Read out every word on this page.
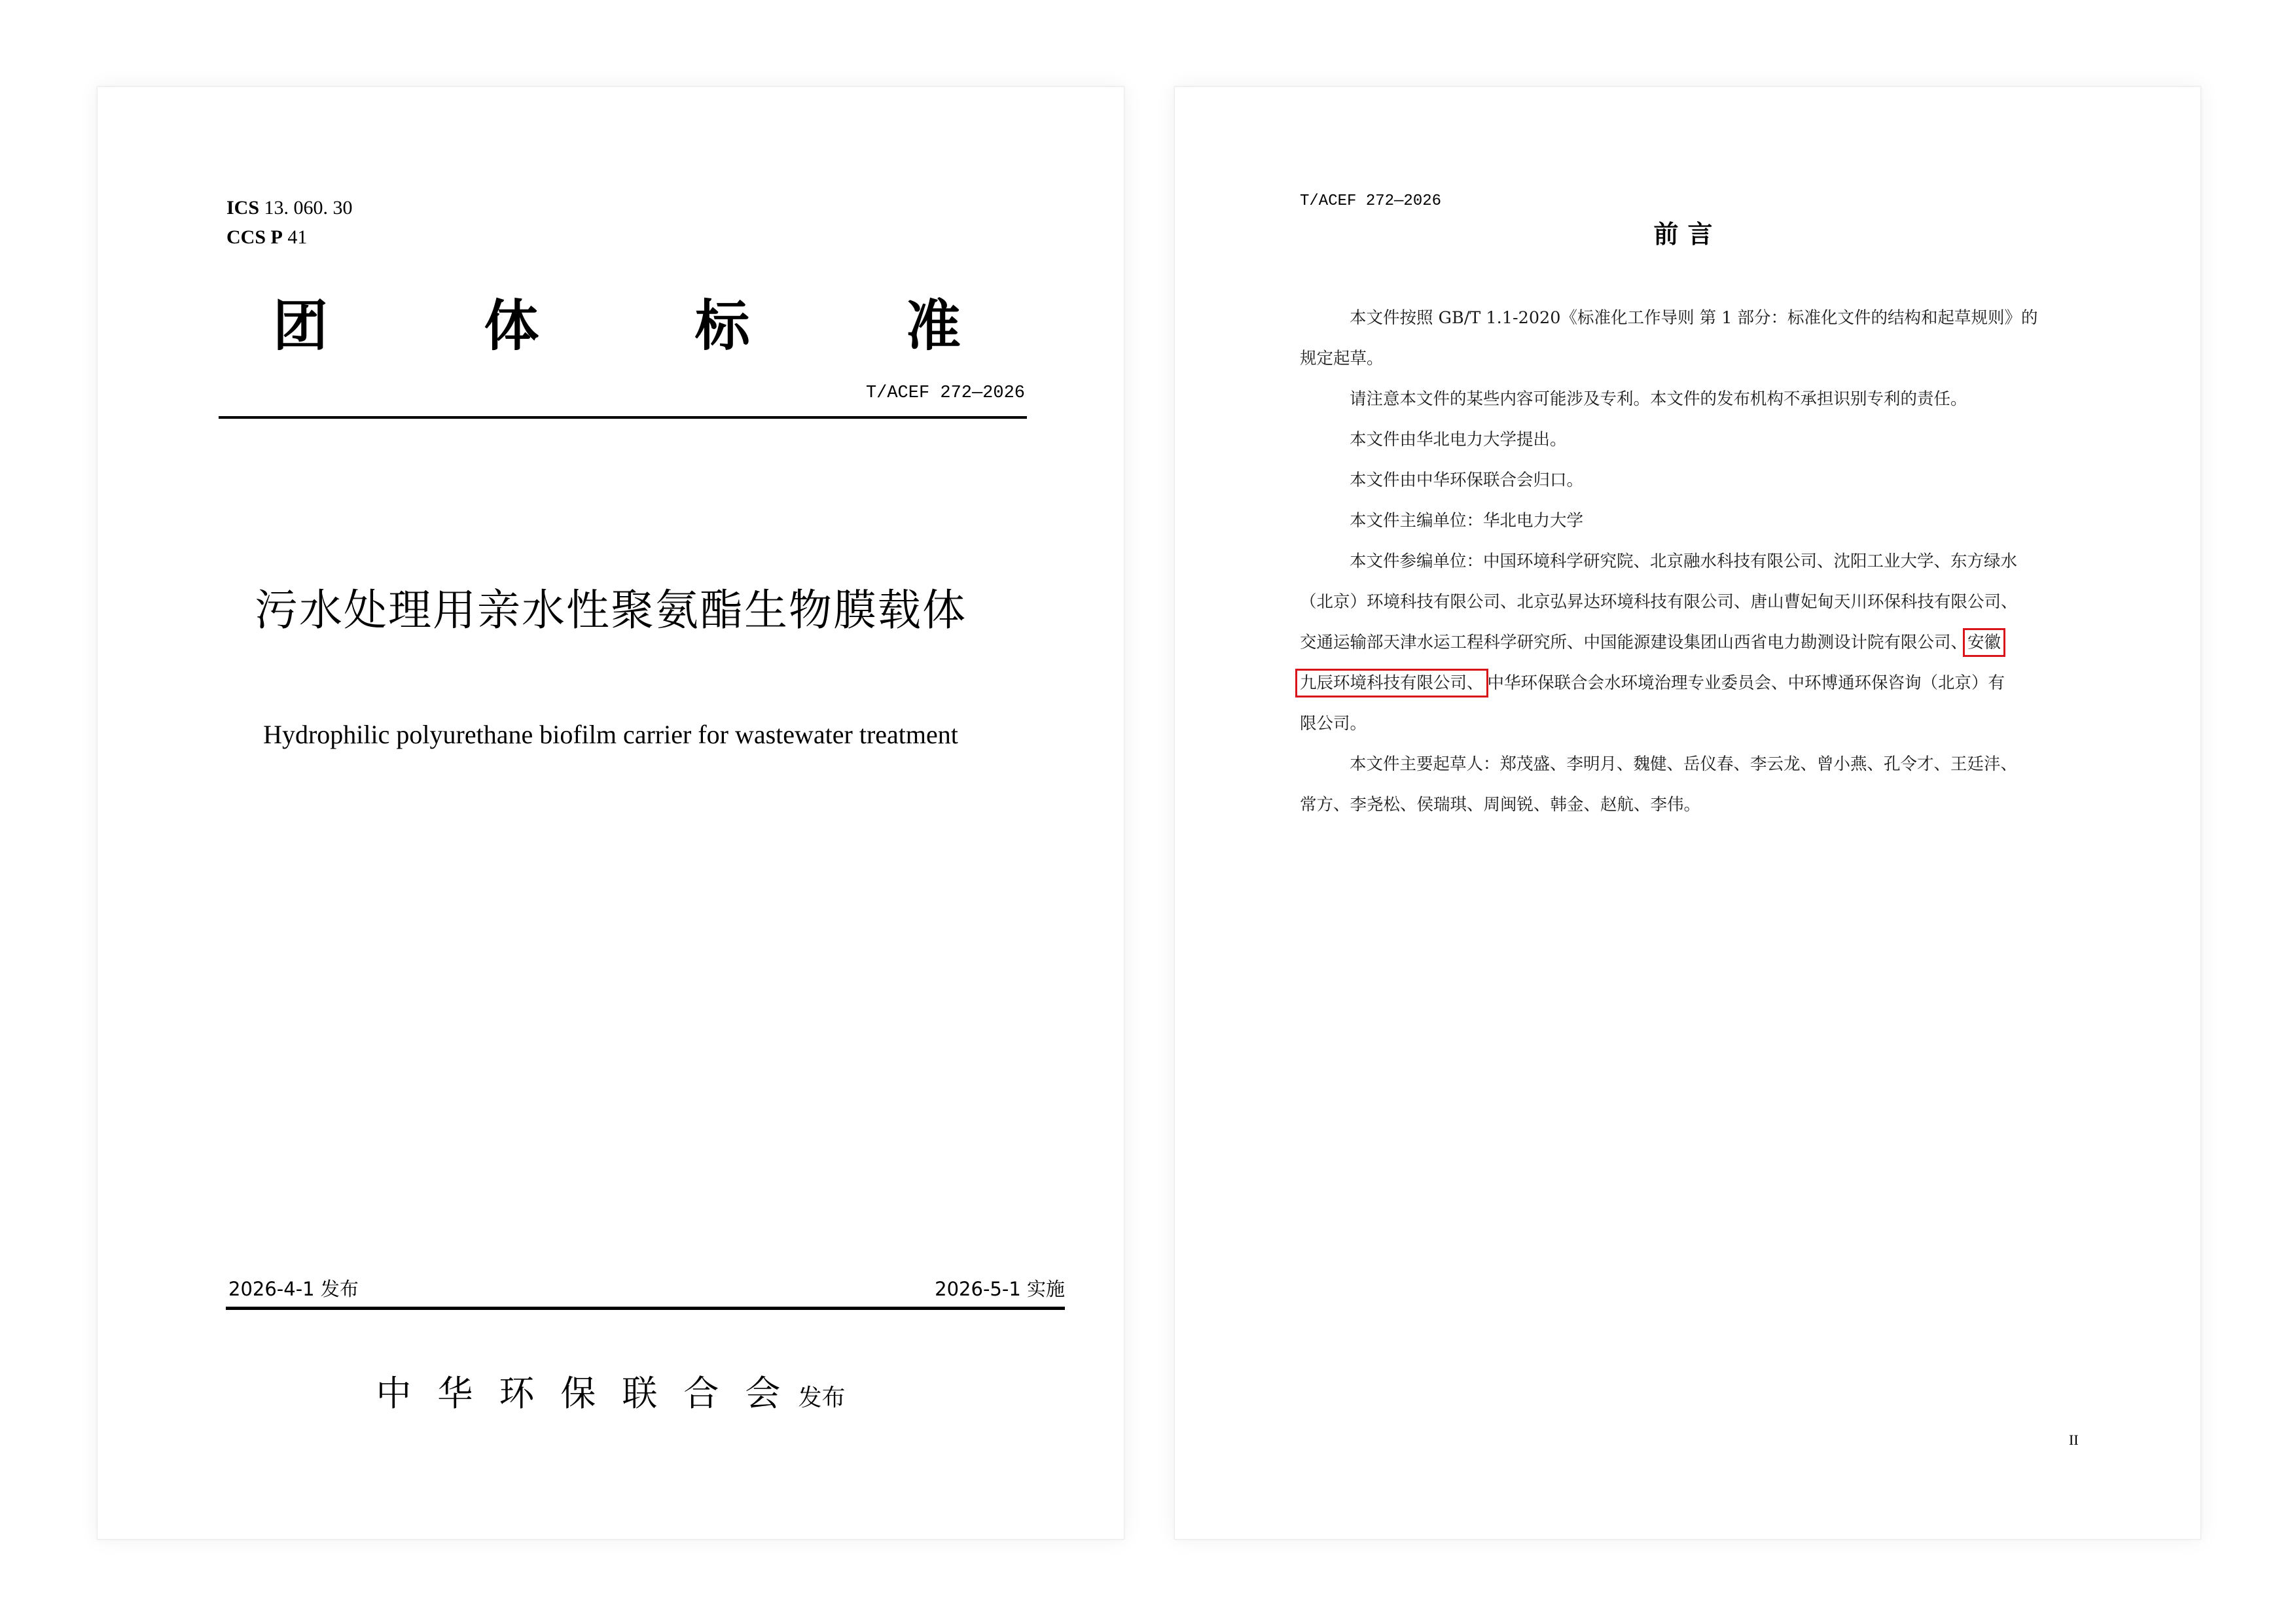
ICS 13. 060. 30
CCS P 41
团	体	标	准
T/ACEF 272—2026
污水处理用亲水性聚氨酯生物膜载体
Hydrophilic polyurethane biofilm carrier for wastewater treatment
2026-4-1 发布	2026-5-1 实施
中华环保联合会 发布
T/ACEF 272—2026
前言
本文件按照 GB/T 1.1-2020《标准化工作导则 第 1 部分：标准化文件的结构和起草规则》的
规定起草。
请注意本文件的某些内容可能涉及专利。本文件的发布机构不承担识别专利的责任。
本文件由华北电力大学提出。
本文件由中华环保联合会归口。
本文件主编单位：华北电力大学
本文件参编单位：中国环境科学研究院、北京融水科技有限公司、沈阳工业大学、东方绿水
（北京）环境科技有限公司、北京弘昇达环境科技有限公司、唐山曹妃甸天川环保科技有限公司、
交通运输部天津水运工程科学研究所、中国能源建设集团山西省电力勘测设计院有限公司、安徽
九辰环境科技有限公司、 中华环保联合会水环境治理专业委员会、中环博通环保咨询（北京）有
限公司。
本文件主要起草人：郑茂盛、李明月、魏健、岳仪春、李云龙、曾小燕、孔令才、王廷沣、
常方、李尧松、侯瑞琪、周闽锐、韩金、赵航、李伟。
II
